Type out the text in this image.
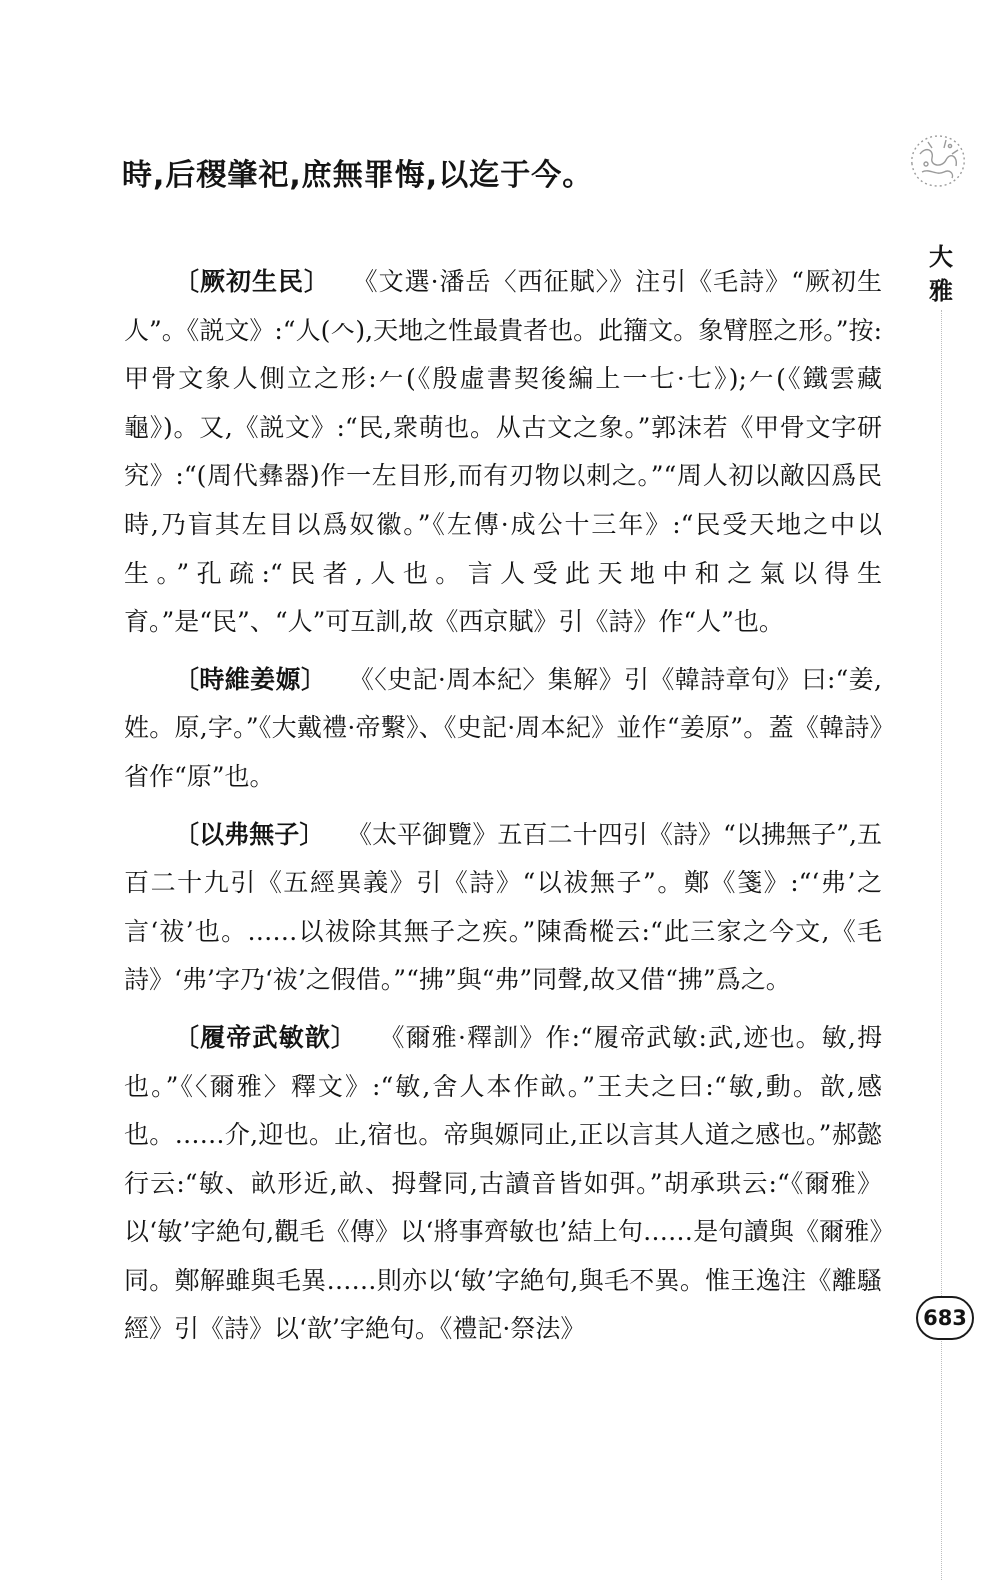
大
雅
時,后稷肇祀,庶無罪悔,以迄于今。

〔厥初生民〕 《文選·潘岳〈西征賦〉》注引《毛詩》“厥初生人”。《説文》:“人(𠆢),天地之性最貴者也。此籒文。象臂脛之形。”按:甲骨文象人側立之形:𠂉(《殷虛書契後編上一七·七》);𠂉(《鐵雲藏龜》)。又,《説文》:“民,衆萌也。从古文之象。”郭沫若《甲骨文字研究》:“(周代彝器)作一左目形,而有刃物以刺之。”“周人初以敵囚爲民時,乃盲其左目以爲奴徽。”《左傳·成公十三年》:“民受天地之中以生。”孔疏:“民者,人也。言人受此天地中和之氣以得生育。”是“民”、“人”可互訓,故《西京賦》引《詩》作“人”也。

〔時維姜嫄〕 《〈史記·周本紀〉集解》引《韓詩章句》曰:“姜,姓。原,字。”《大戴禮·帝繫》、《史記·周本紀》並作“姜原”。蓋《韓詩》省作“原”也。

〔以弗無子〕 《太平御覽》五百二十四引《詩》“以拂無子”,五百二十九引《五經異義》引《詩》“以祓無子”。鄭《箋》:“‘弗’之言‘祓’也。……以祓除其無子之疾。”陳喬樅云:“此三家之今文,《毛詩》‘弗’字乃‘祓’之假借。”“拂”與“弗”同聲,故又借“拂”爲之。

〔履帝武敏歆〕 《爾雅·釋訓》作:“履帝武敏:武,迹也。敏,拇也。”《〈爾雅〉釋文》:“敏,舍人本作畝。”王夫之曰:“敏,動。歆,感也。……介,迎也。止,宿也。帝與嫄同止,正以言其人道之感也。”郝懿行云:“敏、畝形近,畝、拇聲同,古讀音皆如弭。”胡承珙云:“《爾雅》以‘敏’字絶句,觀毛《傳》以‘將事齊敏也’結上句……是句讀與《爾雅》同。鄭解雖與毛異……則亦以‘敏’字絶句,與毛不異。惟王逸注《離騷經》引《詩》以‘歆’字絶句。《禮記·祭法》	683
